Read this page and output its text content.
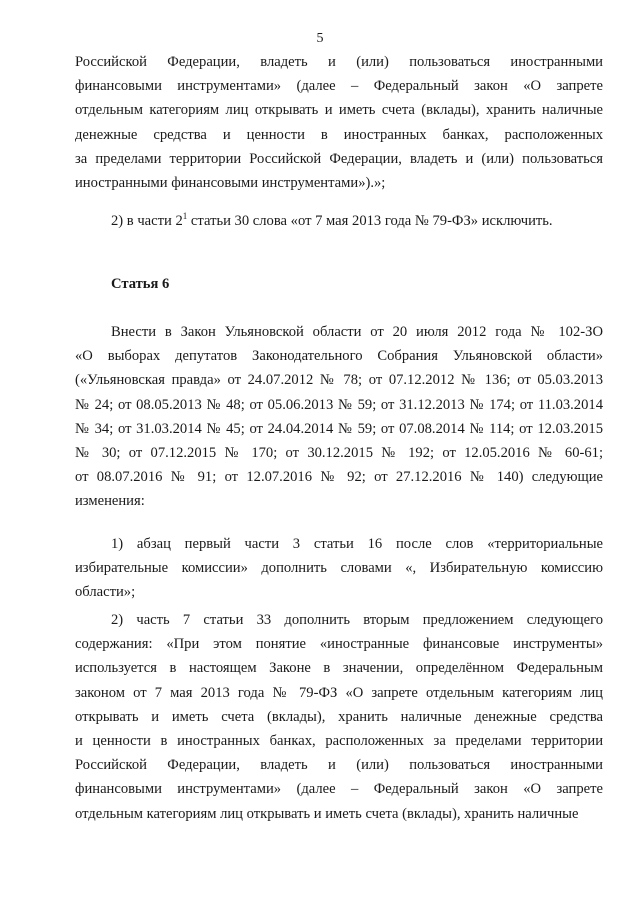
5
Российской Федерации, владеть и (или) пользоваться иностранными
финансовыми инструментами» (далее – Федеральный закон «О запрете
отдельным категориям лиц открывать и иметь счета (вклады), хранить наличные
денежные средства и ценности в иностранных банках, расположенных
за пределами территории Российской Федерации, владеть и (или) пользоваться
иностранными финансовыми инструментами»).»;
2) в части $2^1$ статьи 30 слова «от 7 мая 2013 года № 79-ФЗ» исключить.
Статья 6
Внести в Закон Ульяновской области от 20 июля 2012 года № 102-ЗО
«О выборах депутатов Законодательного Собрания Ульяновской области»
(«Ульяновская правда» от 24.07.2012 № 78; от 07.12.2012 № 136; от 05.03.2013
№ 24; от 08.05.2013 № 48; от 05.06.2013 № 59; от 31.12.2013 № 174; от 11.03.2014
№ 34; от 31.03.2014 № 45; от 24.04.2014 № 59; от 07.08.2014 № 114; от 12.03.2015
№ 30; от 07.12.2015 № 170; от 30.12.2015 № 192; от 12.05.2016 № 60-61;
от 08.07.2016 № 91; от 12.07.2016 № 92; от 27.12.2016 № 140) следующие
изменения:
1) абзац первый части 3 статьи 16 после слов «территориальные
избирательные комиссии» дополнить словами «, Избирательную комиссию
области»;
2) часть 7 статьи 33 дополнить вторым предложением следующего
содержания: «При этом понятие «иностранные финансовые инструменты»
используется в настоящем Законе в значении, определённом Федеральным
законом от 7 мая 2013 года № 79-ФЗ «О запрете отдельным категориям лиц
открывать и иметь счета (вклады), хранить наличные денежные средства
и ценности в иностранных банках, расположенных за пределами территории
Российской Федерации, владеть и (или) пользоваться иностранными
финансовыми инструментами» (далее – Федеральный закон «О запрете
отдельным категориям лиц открывать и иметь счета (вклады), хранить наличные
